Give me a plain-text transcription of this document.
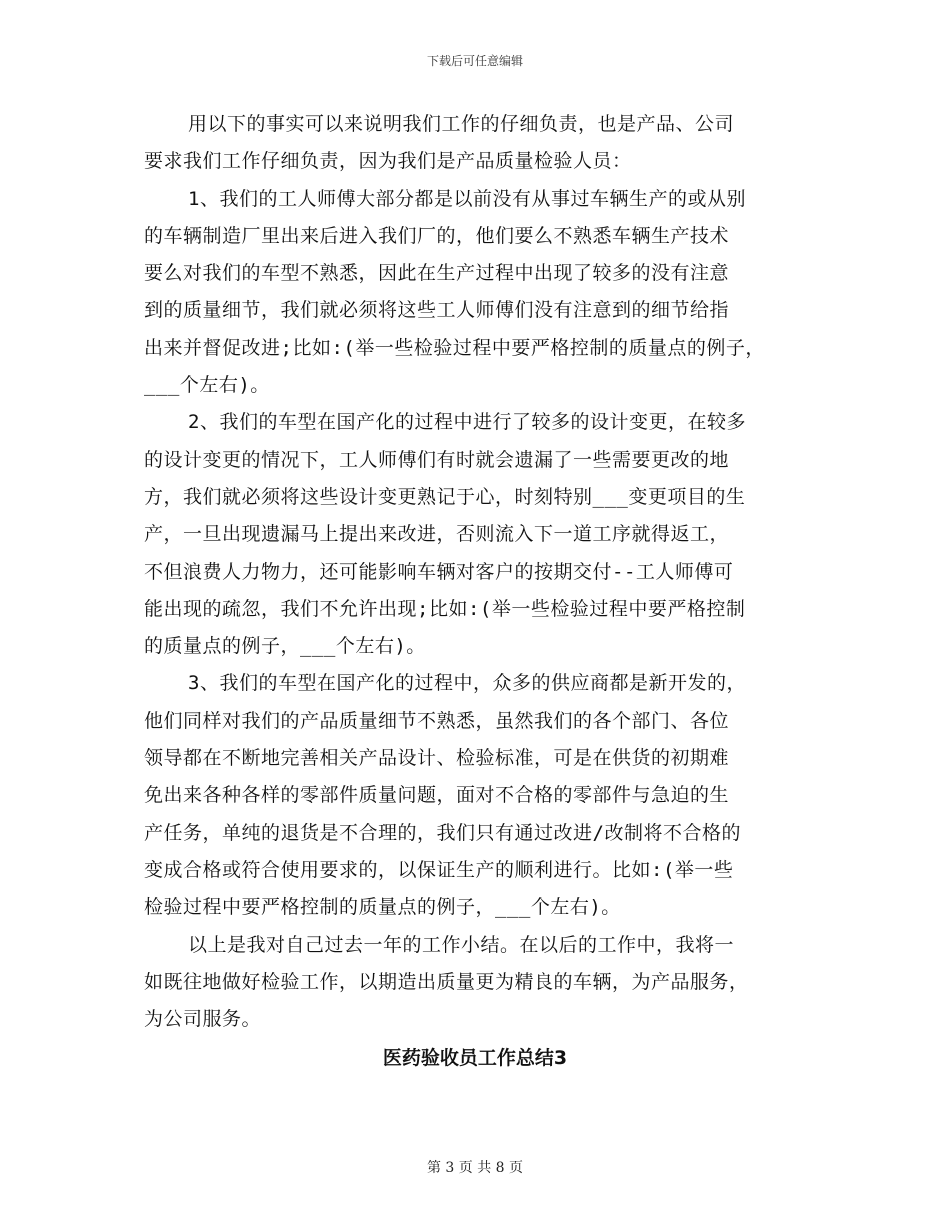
下载后可任意编辑
用以下的事实可以来说明我们工作的仔细负责，也是产品、公司
要求我们工作仔细负责，因为我们是产品质量检验人员：
1、我们的工人师傅大部分都是以前没有从事过车辆生产的或从别
的车辆制造厂里出来后进入我们厂的，他们要么不熟悉车辆生产技术
要么对我们的车型不熟悉，因此在生产过程中出现了较多的没有注意
到的质量细节，我们就必须将这些工人师傅们没有注意到的细节给指
出来并督促改进;比如:(举一些检验过程中要严格控制的质量点的例子，
___个左右)。
2、我们的车型在国产化的过程中进行了较多的设计变更，在较多
的设计变更的情况下，工人师傅们有时就会遗漏了一些需要更改的地
方，我们就必须将这些设计变更熟记于心，时刻特别___变更项目的生
产，一旦出现遗漏马上提出来改进，否则流入下一道工序就得返工，
不但浪费人力物力，还可能影响车辆对客户的按期交付--工人师傅可
能出现的疏忽，我们不允许出现;比如:(举一些检验过程中要严格控制
的质量点的例子，___个左右)。
3、我们的车型在国产化的过程中，众多的供应商都是新开发的，
他们同样对我们的产品质量细节不熟悉，虽然我们的各个部门、各位
领导都在不断地完善相关产品设计、检验标准，可是在供货的初期难
免出来各种各样的零部件质量问题，面对不合格的零部件与急迫的生
产任务，单纯的退货是不合理的，我们只有通过改进/改制将不合格的
变成合格或符合使用要求的，以保证生产的顺利进行。比如:(举一些
检验过程中要严格控制的质量点的例子，___个左右)。
以上是我对自己过去一年的工作小结。在以后的工作中，我将一
如既往地做好检验工作，以期造出质量更为精良的车辆，为产品服务，
为公司服务。
医药验收员工作总结3
第 3 页 共 8 页
